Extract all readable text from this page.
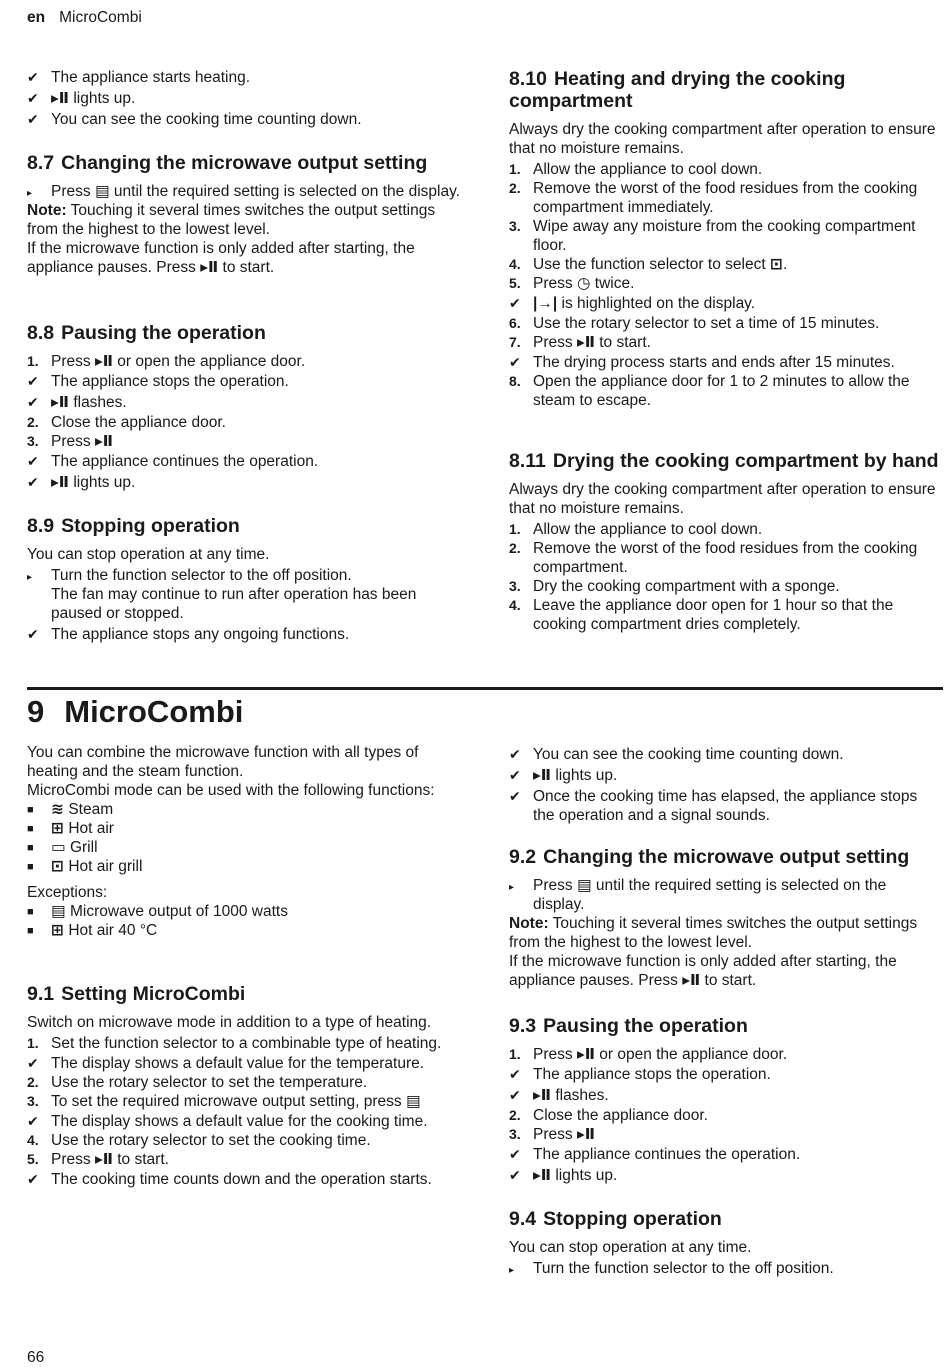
en MicroCombi
✔ The appliance starts heating.
✔ ▸Ⅱ lights up.
✔ You can see the cooking time counting down.
8.7 Changing the microwave output setting
▸	Press ▤ until the required setting is selected on the display.

Note: Touching it several times switches the output settings from the highest to the lowest level.

If the microwave function is only added after starting, the appliance pauses. Press ▸Ⅱ to start.

8.8 Pausing the operation
1. Press ▸Ⅱ or open the appliance door.
✔ The appliance stops the operation.
✔ ▸Ⅱ flashes.
2. Close the appliance door.
3. Press ▸Ⅱ
✔ The appliance continues the operation.
✔ ▸Ⅱ lights up.
8.9 Stopping operation

You can stop operation at any time.

▸	Turn the function selector to the off position.
The fan may continue to run after operation has been paused or stopped.
✔ The appliance stops any ongoing functions.
8.10 Heating and drying the cooking compartment

Always dry the cooking compartment after operation to ensure that no moisture remains.

1. Allow the appliance to cool down.
2. Remove the worst of the food residues from the cooking compartment immediately.
3. Wipe away any moisture from the cooking compartment floor.
4. Use the function selector to select ⊡.
5. Press ◷ twice.
✔ |→| is highlighted on the display.
6. Use the rotary selector to set a time of 15 minutes.
7. Press ▸Ⅱ to start.
✔ The drying process starts and ends after 15 minutes.
8. Open the appliance door for 1 to 2 minutes to allow the steam to escape.
8.11 Drying the cooking compartment by hand

Always dry the cooking compartment after operation to ensure that no moisture remains.

1. Allow the appliance to cool down.
2. Remove the worst of the food residues from the cooking compartment.
3. Dry the cooking compartment with a sponge.
4. Leave the appliance door open for 1 hour so that the cooking compartment dries completely.
9 MicroCombi

You can combine the microwave function with all types of heating and the steam function.

MicroCombi mode can be used with the following functions:

■	≋ Steam
■	⊞ Hot air
■	▭ Grill
■	⊡ Hot air grill

Exceptions:

■	▤ Microwave output of 1000 watts
■	⊞ Hot air 40 °C
9.1 Setting MicroCombi

Switch on microwave mode in addition to a type of heating.

1. Set the function selector to a combinable type of heating.
✔ The display shows a default value for the temperature.
2. Use the rotary selector to set the temperature.
3. To set the required microwave output setting, press ▤
✔ The display shows a default value for the cooking time.
4. Use the rotary selector to set the cooking time.
5. Press ▸Ⅱ to start.
✔ The cooking time counts down and the operation starts.
✔ You can see the cooking time counting down.
✔ ▸Ⅱ lights up.
✔ Once the cooking time has elapsed, the appliance stops the operation and a signal sounds.
9.2 Changing the microwave output setting
▸	Press ▤ until the required setting is selected on the display.

Note: Touching it several times switches the output settings from the highest to the lowest level.

If the microwave function is only added after starting, the appliance pauses. Press ▸Ⅱ to start.

9.3 Pausing the operation
1. Press ▸Ⅱ or open the appliance door.
✔ The appliance stops the operation.
✔ ▸Ⅱ flashes.
2. Close the appliance door.
3. Press ▸Ⅱ
✔ The appliance continues the operation.
✔ ▸Ⅱ lights up.
9.4 Stopping operation

You can stop operation at any time.

▸	Turn the function selector to the off position.
66
